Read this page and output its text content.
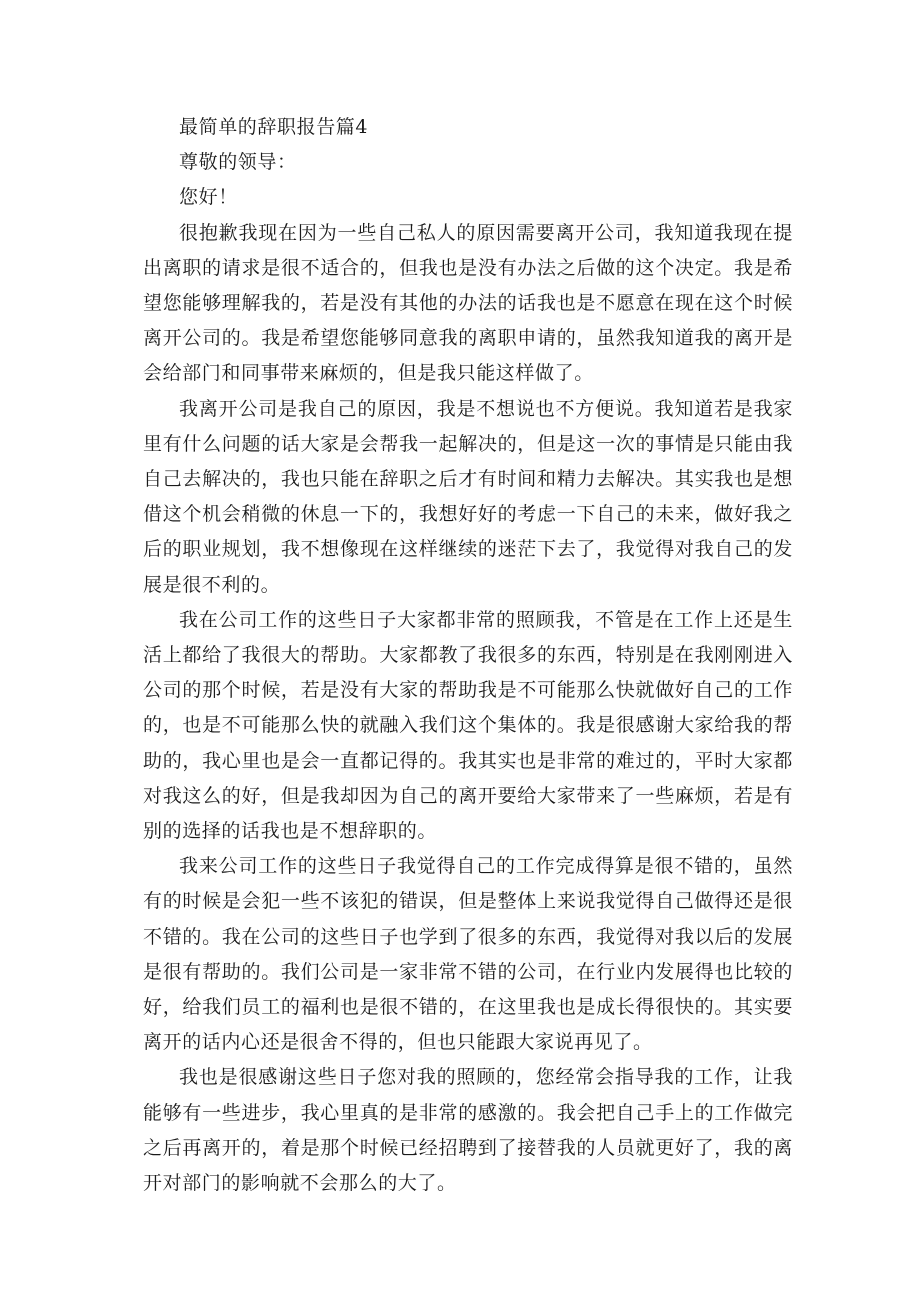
最简单的辞职报告篇4

尊敬的领导：

您好！

很抱歉我现在因为一些自己私人的原因需要离开公司，我知道我现在提出离职的请求是很不适合的，但我也是没有办法之后做的这个决定。我是希望您能够理解我的，若是没有其他的办法的话我也是不愿意在现在这个时候离开公司的。我是希望您能够同意我的离职申请的，虽然我知道我的离开是会给部门和同事带来麻烦的，但是我只能这样做了。

我离开公司是我自己的原因，我是不想说也不方便说。我知道若是我家里有什么问题的话大家是会帮我一起解决的，但是这一次的事情是只能由我自己去解决的，我也只能在辞职之后才有时间和精力去解决。其实我也是想借这个机会稍微的休息一下的，我想好好的考虑一下自己的未来，做好我之后的职业规划，我不想像现在这样继续的迷茫下去了，我觉得对我自己的发展是很不利的。

我在公司工作的这些日子大家都非常的照顾我，不管是在工作上还是生活上都给了我很大的帮助。大家都教了我很多的东西，特别是在我刚刚进入公司的那个时候，若是没有大家的帮助我是不可能那么快就做好自己的工作的，也是不可能那么快的就融入我们这个集体的。我是很感谢大家给我的帮助的，我心里也是会一直都记得的。我其实也是非常的难过的，平时大家都对我这么的好，但是我却因为自己的离开要给大家带来了一些麻烦，若是有别的选择的话我也是不想辞职的。

我来公司工作的这些日子我觉得自己的工作完成得算是很不错的，虽然有的时候是会犯一些不该犯的错误，但是整体上来说我觉得自己做得还是很不错的。我在公司的这些日子也学到了很多的东西，我觉得对我以后的发展是很有帮助的。我们公司是一家非常不错的公司，在行业内发展得也比较的好，给我们员工的福利也是很不错的，在这里我也是成长得很快的。其实要离开的话内心还是很舍不得的，但也只能跟大家说再见了。

我也是很感谢这些日子您对我的照顾的，您经常会指导我的工作，让我能够有一些进步，我心里真的是非常的感激的。我会把自己手上的工作做完之后再离开的，着是那个时候已经招聘到了接替我的人员就更好了，我的离开对部门的影响就不会那么的大了。
